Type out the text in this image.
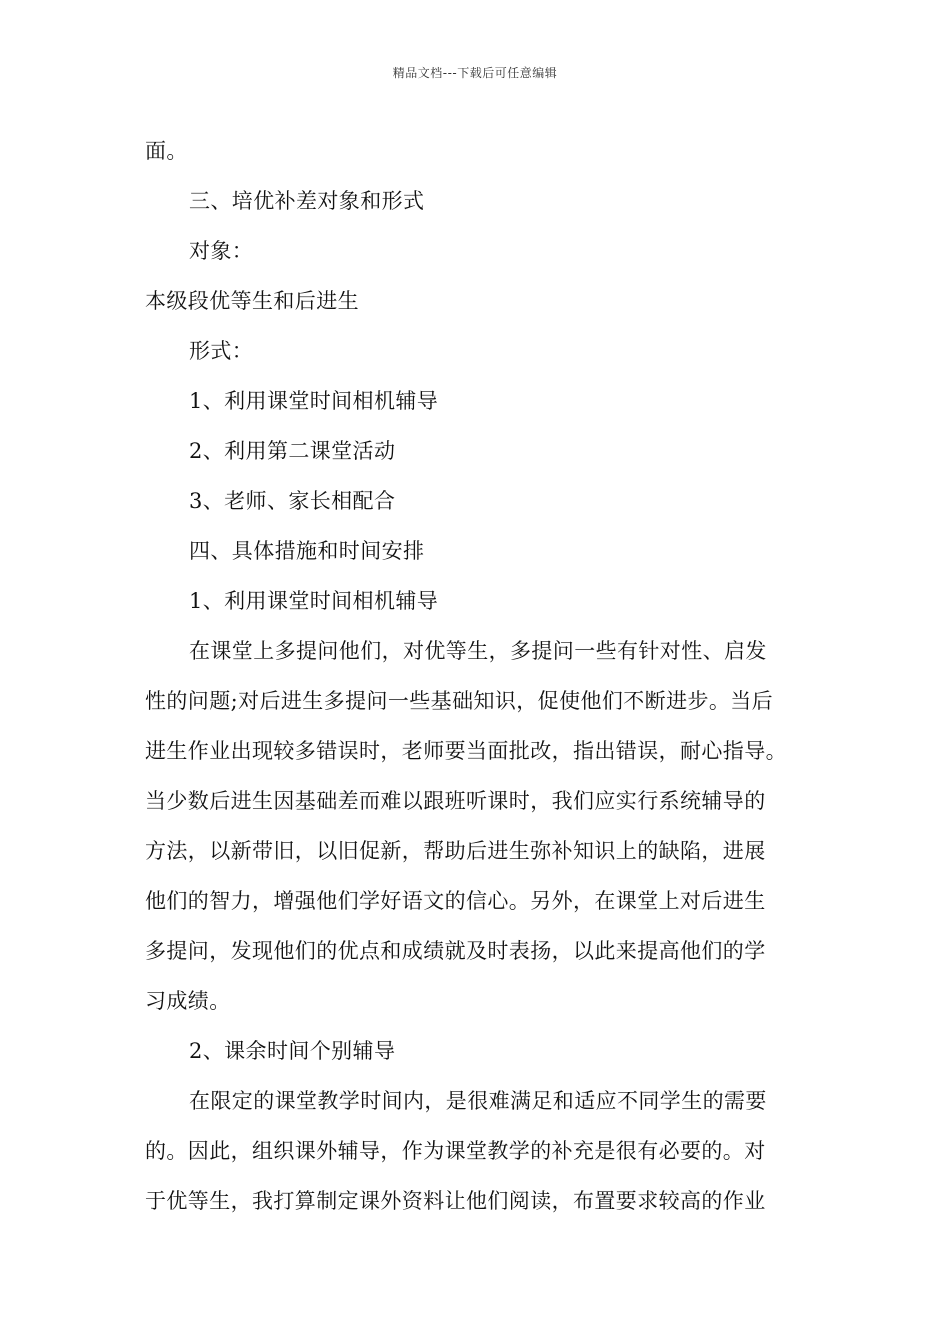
精品文档---下载后可任意编辑
面。
三、培优补差对象和形式
对象：
本级段优等生和后进生
形式：
1、利用课堂时间相机辅导
2、利用第二课堂活动
3、老师、家长相配合
四、具体措施和时间安排
1、利用课堂时间相机辅导
在课堂上多提问他们，对优等生，多提问一些有针对性、启发
性的问题;对后进生多提问一些基础知识，促使他们不断进步。当后
进生作业出现较多错误时，老师要当面批改，指出错误，耐心指导。
当少数后进生因基础差而难以跟班听课时，我们应实行系统辅导的
方法，以新带旧，以旧促新，帮助后进生弥补知识上的缺陷，进展
他们的智力，增强他们学好语文的信心。另外，在课堂上对后进生
多提问，发现他们的优点和成绩就及时表扬，以此来提高他们的学
习成绩。
2、课余时间个别辅导
在限定的课堂教学时间内，是很难满足和适应不同学生的需要
的。因此，组织课外辅导，作为课堂教学的补充是很有必要的。对
于优等生，我打算制定课外资料让他们阅读，布置要求较高的作业
